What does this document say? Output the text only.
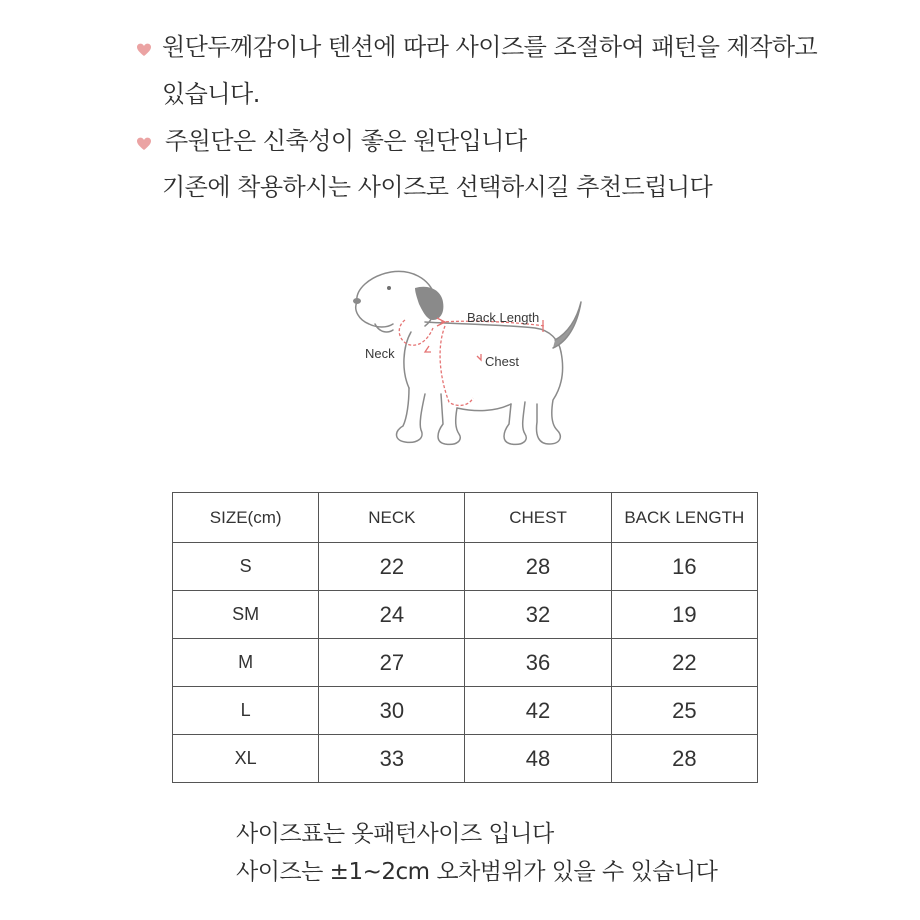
원단두께감이나 텐션에 따라 사이즈를 조절하여 패턴을 제작하고
있습니다.
주원단은 신축성이 좋은 원단입니다
기존에 착용하시는 사이즈로 선택하시길 추천드립니다
Back Length
Neck
Chest
SIZE(cm)	NECK	CHEST	BACK LENGTH
S	22	28	16
SM	24	32	19
M	27	36	22
L	30	42	25
XL	33	48	28
사이즈표는 옷패턴사이즈 입니다
사이즈는 ±1~2cm 오차범위가 있을 수 있습니다
